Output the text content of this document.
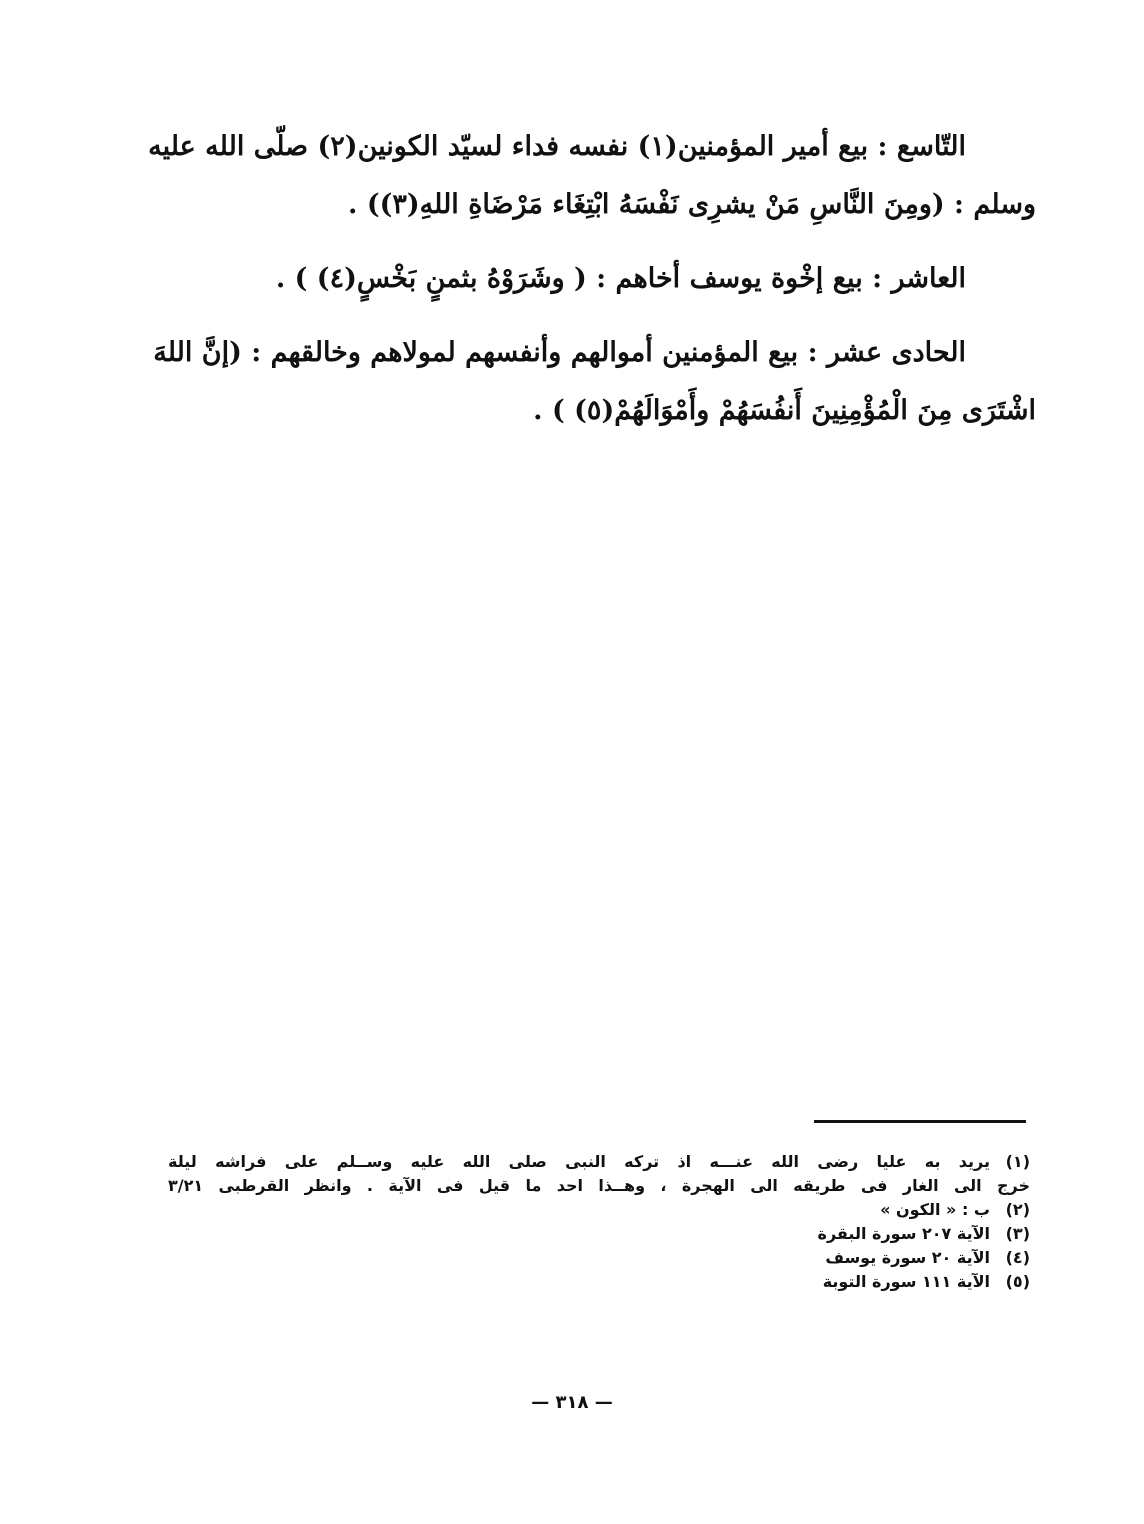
التّاسع : بيع أمير المؤمنين(١) نفسه فداء لسيّد الكونين(٢) صلّى الله عليه
وسلم : (ومِنَ النَّاسِ مَنْ يشرِى نَفْسَهُ ابْتِغَاء مَرْضَاةِ اللهِ(٣)) .
العاشر : بيع إخْوة يوسف أخاهم : ( وشَرَوْهُ بثمنٍ بَخْسٍ(٤) ) .
الحادى عشر : بيع المؤمنين أموالهم وأنفسهم لمولاهم وخالقهم : (إنَّ اللهَ
اشْتَرَى مِنَ الْمُؤْمِنِينَ أَنفُسَهُمْ وأَمْوَالَهُمْ(٥) ) .
(١)يريد به عليا رضى الله عنـــه اذ تركه النبى صلى الله عليه وســلم على فراشه ليلة
خرج الى الغار فى طريقه الى الهجرة ، وهــذا احد ما قيل فى الآية . وانظر القرطبى ٣/٢١
(٢)ب : « الكون »
(٣)الآية ٢٠٧ سورة البقرة
(٤)الآية ٢٠ سورة يوسف
(٥)الآية ١١١ سورة التوبة
— ٣١٨ —
